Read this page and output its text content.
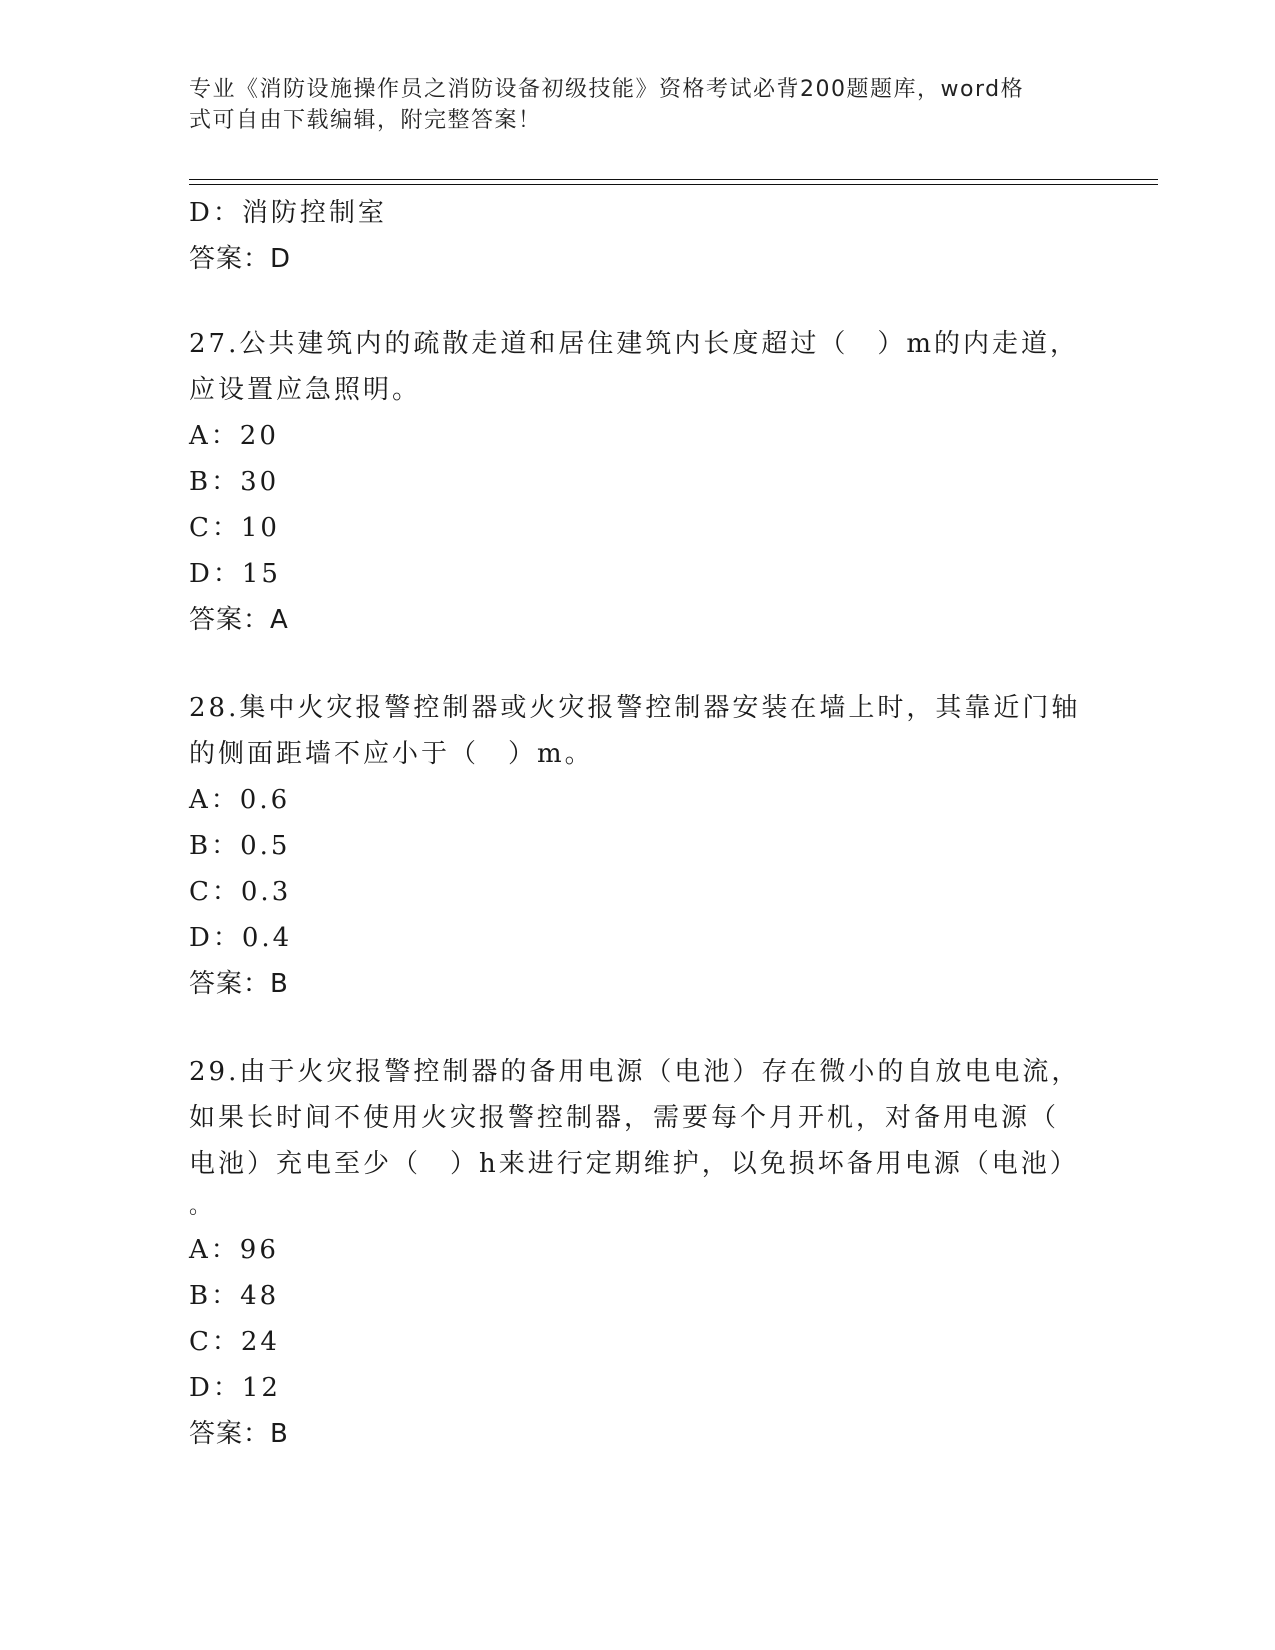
专业《消防设施操作员之消防设备初级技能》资格考试必背200题题库，word格
式可自由下载编辑，附完整答案！
D：消防控制室
答案：D
27.公共建筑内的疏散走道和居住建筑内长度超过（　）m的内走道，
应设置应急照明。
A：20
B：30
C：10
D：15
答案：A
28.集中火灾报警控制器或火灾报警控制器安装在墙上时，其靠近门轴
的侧面距墙不应小于（　）m。
A：0.6
B：0.5
C：0.3
D：0.4
答案：B
29.由于火灾报警控制器的备用电源（电池）存在微小的自放电电流，
如果长时间不使用火灾报警控制器，需要每个月开机，对备用电源（
电池）充电至少（　）h来进行定期维护，以免损坏备用电源（电池）
。
A：96
B：48
C：24
D：12
答案：B
